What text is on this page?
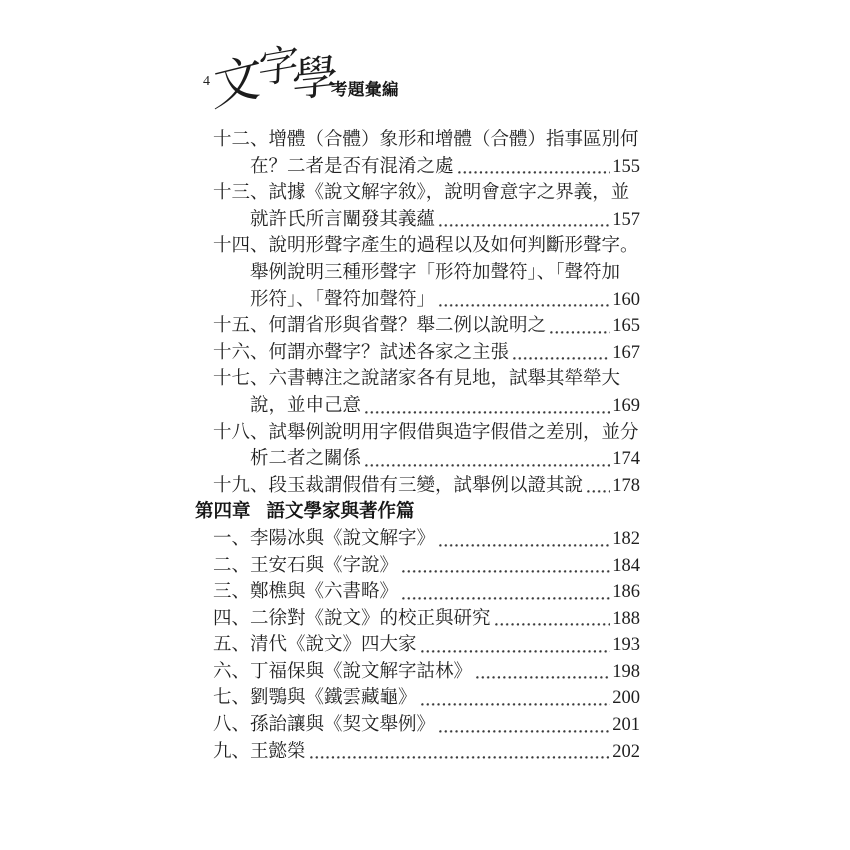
4 文
字
學
考題彙編
十二、 增體（合體）象形和增體（合體）指事區別何
在？二者是否有混淆之處	155
十三、 試據《說文解字敘》，說明會意字之界義，並
就許氏所言闡發其義蘊	157
十四、 說明形聲字產生的過程以及如何判斷形聲字。
舉例說明三種形聲字「形符加聲符」、「聲符加
形符」、「聲符加聲符」	160
十五、 何謂省形與省聲？舉二例以說明之	165
十六、 何謂亦聲字？試述各家之主張	167
十七、 六書轉注之說諸家各有見地，試舉其犖犖大
說，並申己意	169
十八、 試舉例說明用字假借與造字假借之差別，並分
析二者之關係	174
十九、 段玉裁謂假借有三變，試舉例以證其說 178
第四章 語文學家與著作篇
一、 李陽冰與《說文解字》	182
二、 王安石與《字說》	184
三、 鄭樵與《六書略》	186
四、 二徐對《說文》的校正與研究	188
五、 清代《說文》四大家	193
六、 丁福保與《說文解字詁林》	198
七、 劉鶚與《鐵雲藏龜》	200
八、 孫詒讓與《契文舉例》	201
九、 王懿榮	202
